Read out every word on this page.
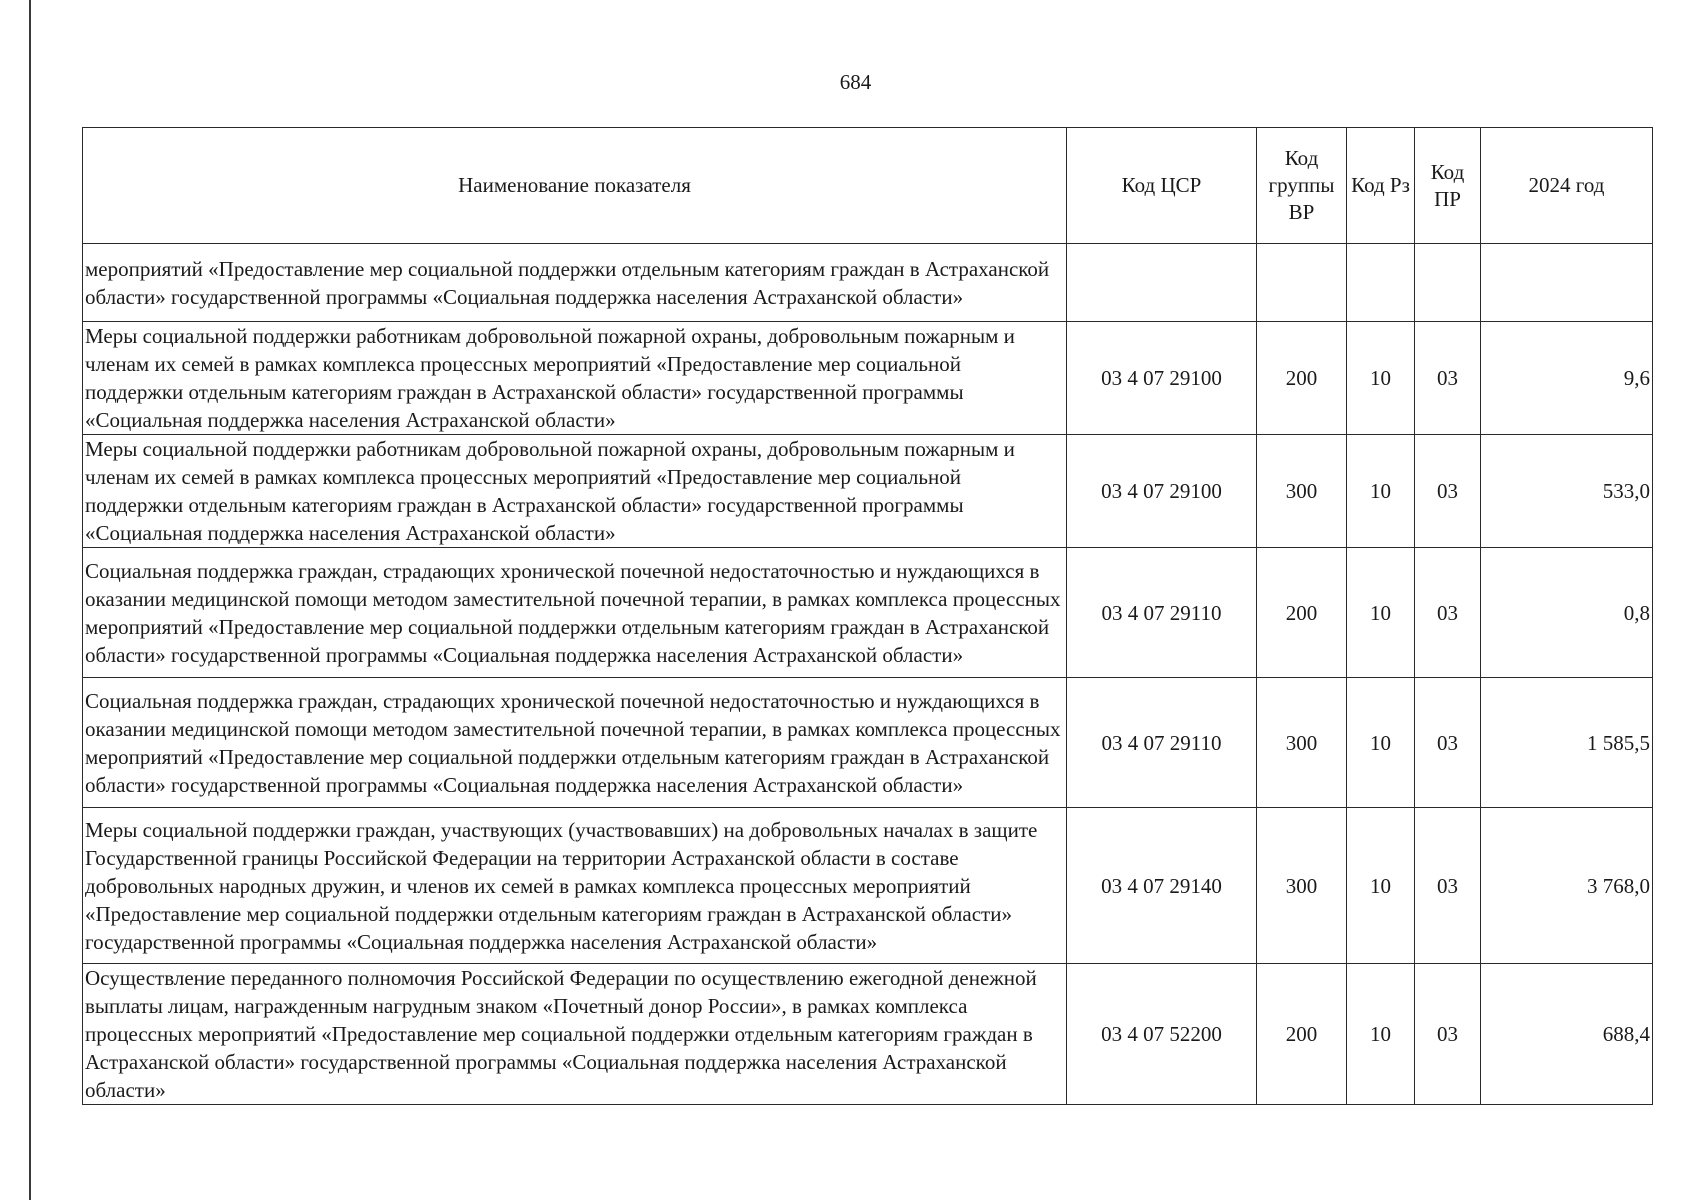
684
Наименование показателя	Код ЦСР	Код группы ВР	Код Рз	Код ПР	2024 год
мероприятий «Предоставление мер социальной поддержки отдельным категориям граждан в Астраханской области» государственной программы «Социальная поддержка населения Астраханской области»					
Меры социальной поддержки работникам добровольной пожарной охраны, добровольным пожарным и членам их семей в рамках комплекса процессных мероприятий «Предоставление мер социальной поддержки отдельным категориям граждан в Астраханской области» государственной программы «Социальная поддержка населения Астраханской области»	03 4 07 29100	200	10	03	9,6
Меры социальной поддержки работникам добровольной пожарной охраны, добровольным пожарным и членам их семей в рамках комплекса процессных мероприятий «Предоставление мер социальной поддержки отдельным категориям граждан в Астраханской области» государственной программы «Социальная поддержка населения Астраханской области»	03 4 07 29100	300	10	03	533,0
Социальная поддержка граждан, страдающих хронической почечной недостаточностью и нуждающихся в оказании медицинской помощи методом заместительной почечной терапии, в рамках комплекса процессных мероприятий «Предоставление мер социальной поддержки отдельным категориям граждан в Астраханской области» государственной программы «Социальная поддержка населения Астраханской области»	03 4 07 29110	200	10	03	0,8
Социальная поддержка граждан, страдающих хронической почечной недостаточностью и нуждающихся в оказании медицинской помощи методом заместительной почечной терапии, в рамках комплекса процессных мероприятий «Предоставление мер социальной поддержки отдельным категориям граждан в Астраханской области» государственной программы «Социальная поддержка населения Астраханской области»	03 4 07 29110	300	10	03	1 585,5
Меры социальной поддержки граждан, участвующих (участвовавших) на добровольных началах в защите Государственной границы Российской Федерации на территории Астраханской области в составе добровольных народных дружин, и членов их семей в рамках комплекса процессных мероприятий «Предоставление мер социальной поддержки отдельным категориям граждан в Астраханской области» государственной программы «Социальная поддержка населения Астраханской области»	03 4 07 29140	300	10	03	3 768,0
Осуществление переданного полномочия Российской Федерации по осуществлению ежегодной денежной выплаты лицам, награжденным нагрудным знаком «Почетный донор России», в рамках комплекса процессных мероприятий «Предоставление мер социальной поддержки отдельным категориям граждан в Астраханской области» государственной программы «Социальная поддержка населения Астраханской области»	03 4 07 52200	200	10	03	688,4
